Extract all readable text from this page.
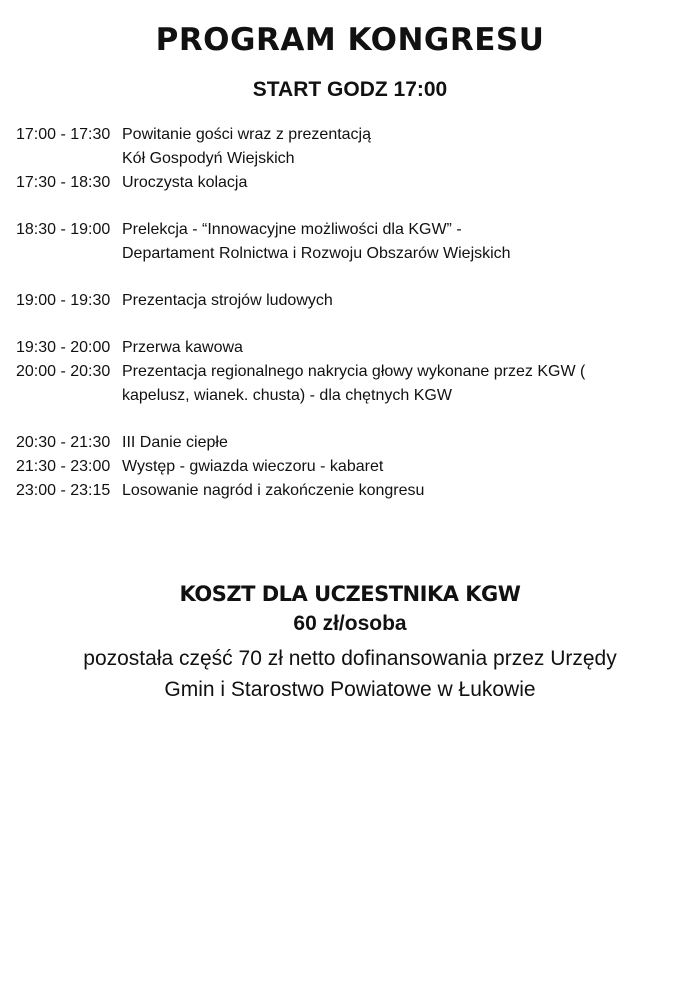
PROGRAM KONGRESU
START GODZ 17:00
17:00 - 17:30 Powitanie gości wraz z prezentacją
Kół Gospodyń Wiejskich
17:30 - 18:30 Uroczysta kolacja
18:30 - 19:00 Prelekcja - “Innowacyjne możliwości dla KGW” -
Departament Rolnictwa i Rozwoju Obszarów Wiejskich
19:00 - 19:30 Prezentacja strojów ludowych
19:30 - 20:00 Przerwa kawowa
20:00 - 20:30 Prezentacja regionalnego nakrycia głowy wykonane przez KGW (
kapelusz, wianek. chusta) - dla chętnych KGW
20:30 - 21:30 III Danie ciepłe
21:30 - 23:00 Występ - gwiazda wieczoru - kabaret
23:00 - 23:15 Losowanie nagród i zakończenie kongresu
KOSZT DLA UCZESTNIKA KGW
60 zł/osoba
pozostała część 70 zł netto dofinansowania przez Urzędy
Gmin i Starostwo Powiatowe w Łukowie
